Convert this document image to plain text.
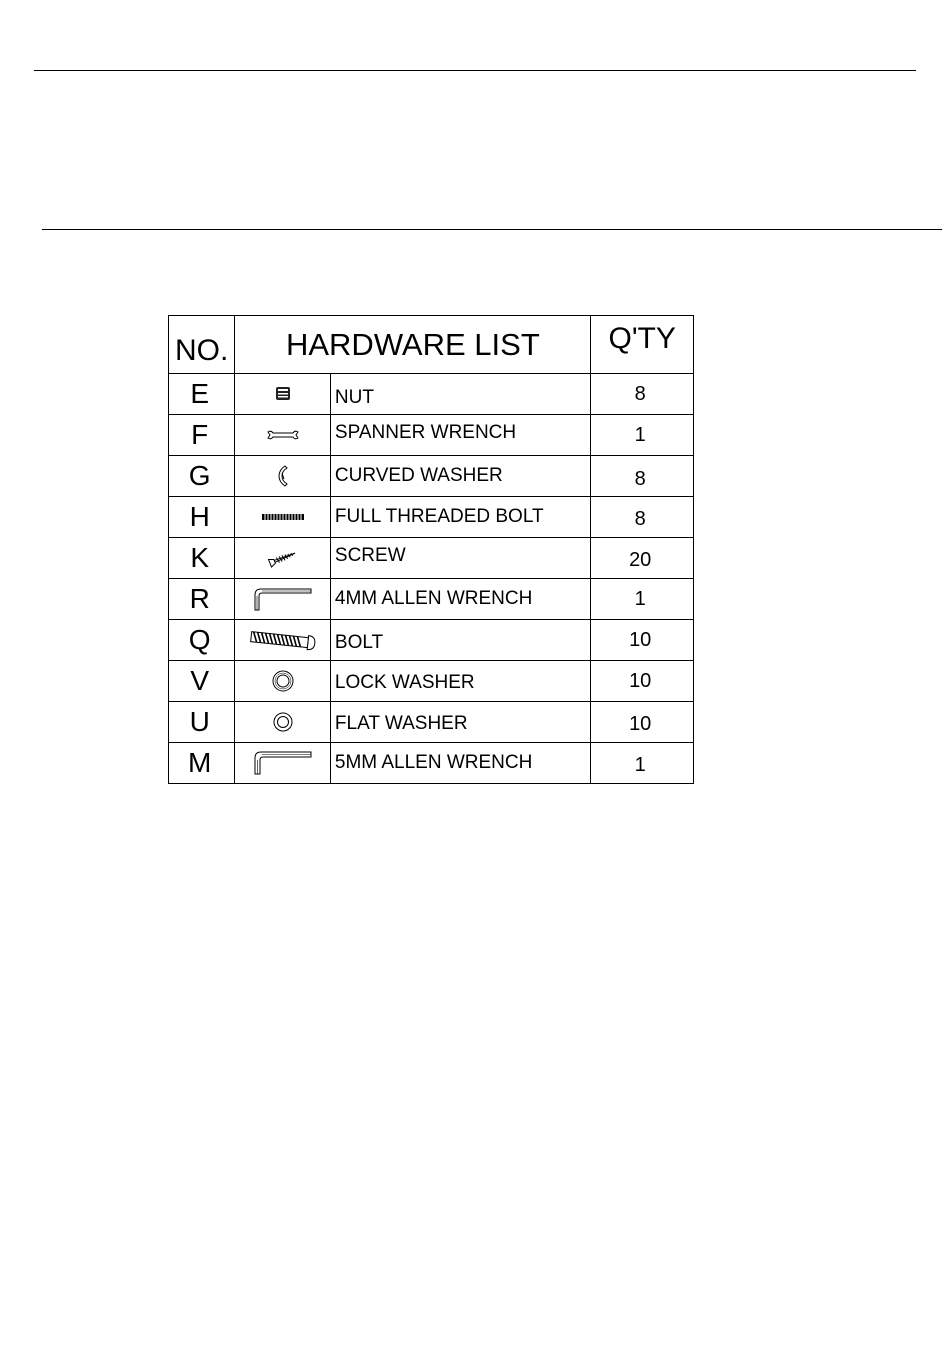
NO.	HARDWARE LIST		Q'TY
E		NUT	8
F		SPANNER WRENCH	1
G		CURVED WASHER	8
H		FULL THREADED BOLT	8
K		SCREW	20
R		4MM ALLEN WRENCH	1
Q		BOLT	10
V		LOCK WASHER	10
U		FLAT WASHER	10
M		5MM ALLEN WRENCH	1
